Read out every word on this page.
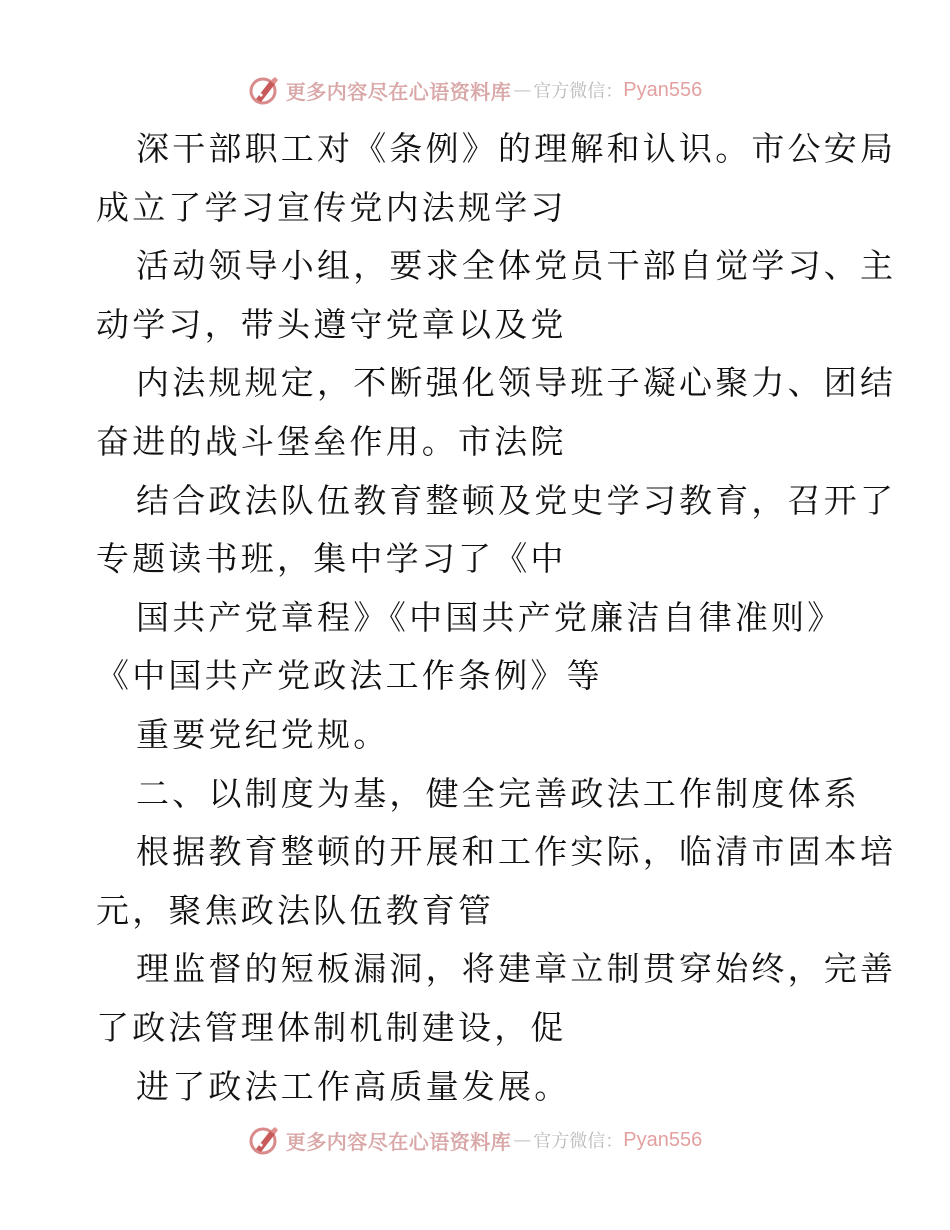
更多内容尽在心语资料库 — 官方微信： Pyan556
深干部职工对《条例》的理解和认识。市公安局
成立了学习宣传党内法规学习
活动领导小组，要求全体党员干部自觉学习、主
动学习，带头遵守党章以及党
内法规规定，不断强化领导班子凝心聚力、团结
奋进的战斗堡垒作用。市法院
结合政法队伍教育整顿及党史学习教育，召开了
专题读书班，集中学习了《中
国共产党章程》《中国共产党廉洁自律准则》
《中国共产党政法工作条例》等
重要党纪党规。
二、以制度为基，健全完善政法工作制度体系
根据教育整顿的开展和工作实际，临清市固本培
元，聚焦政法队伍教育管
理监督的短板漏洞，将建章立制贯穿始终，完善
了政法管理体制机制建设，促
进了政法工作高质量发展。
更多内容尽在心语资料库 — 官方微信： Pyan556
